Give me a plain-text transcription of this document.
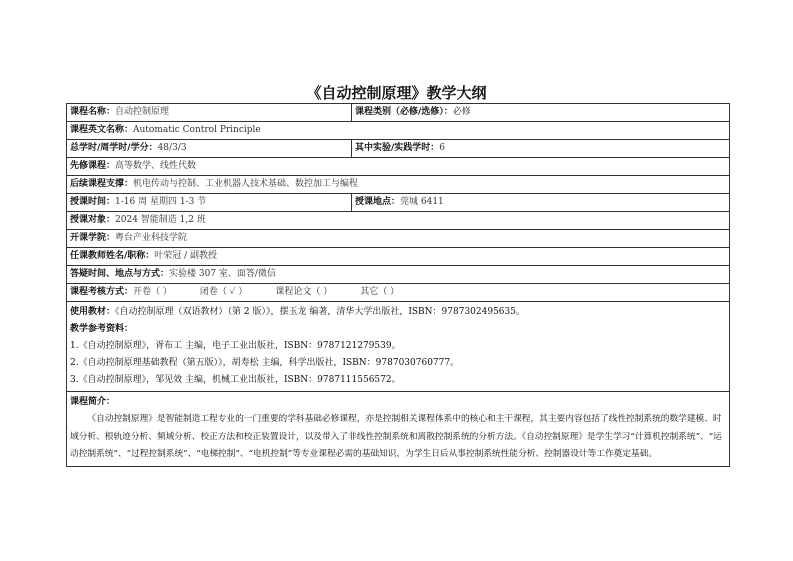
《自动控制原理》教学大纲
课程名称：自动控制原理	课程类别（必修/选修）：必修
课程英文名称：Automatic Control Principle
总学时/周学时/学分：48/3/3	其中实验/实践学时：6
先修课程：高等数学、线性代数
后续课程支撑：机电传动与控制、工业机器人技术基础、数控加工与编程
授课时间：1-16 周 星期四 1-3 节	授课地点：莞城 6411
授课对象：2024 智能制造 1,2 班
开课学院：粤台产业科技学院
任课教师姓名/职称：叶荣冠 / 副教授
答疑时间、地点与方式：实验楼 307 室、面答/微信
课程考核方式：开卷（ ）	闭卷（ ✓ ）	课程论文（ ）	其它（ ）
使用教材：《自动控制原理（双语教材）（第 2 版）》，摆玉龙 编著，清华大学出版社，ISBN：9787302495635。
教学参考资料：
1.《自动控制原理》，胥布工 主编，电子工业出版社，ISBN：9787121279539。
2.《自动控制原理基础教程（第五版）》，胡寿松 主编，科学出版社，ISBN：9787030760777。
3.《自动控制原理》，邹见效 主编，机械工业出版社，ISBN：9787111556572。
课程简介：

《自动控制原理》是智能制造工程专业的一门重要的学科基础必修课程，亦是控制相关课程体系中的核心和主干课程，其主要内容包括了线性控制系统的数学建模、时域分析、根轨迹分析、频域分析、校正方法和校正装置设计，以及带入了非线性控制系统和离散控制系统的分析方法。《自动控制原理》是学生学习“计算机控制系统”、“运动控制系统”、“过程控制系统”、“电梯控制”、“电机控制”等专业课程必需的基础知识，为学生日后从事控制系统性能分析、控制器设计等工作奠定基础。
